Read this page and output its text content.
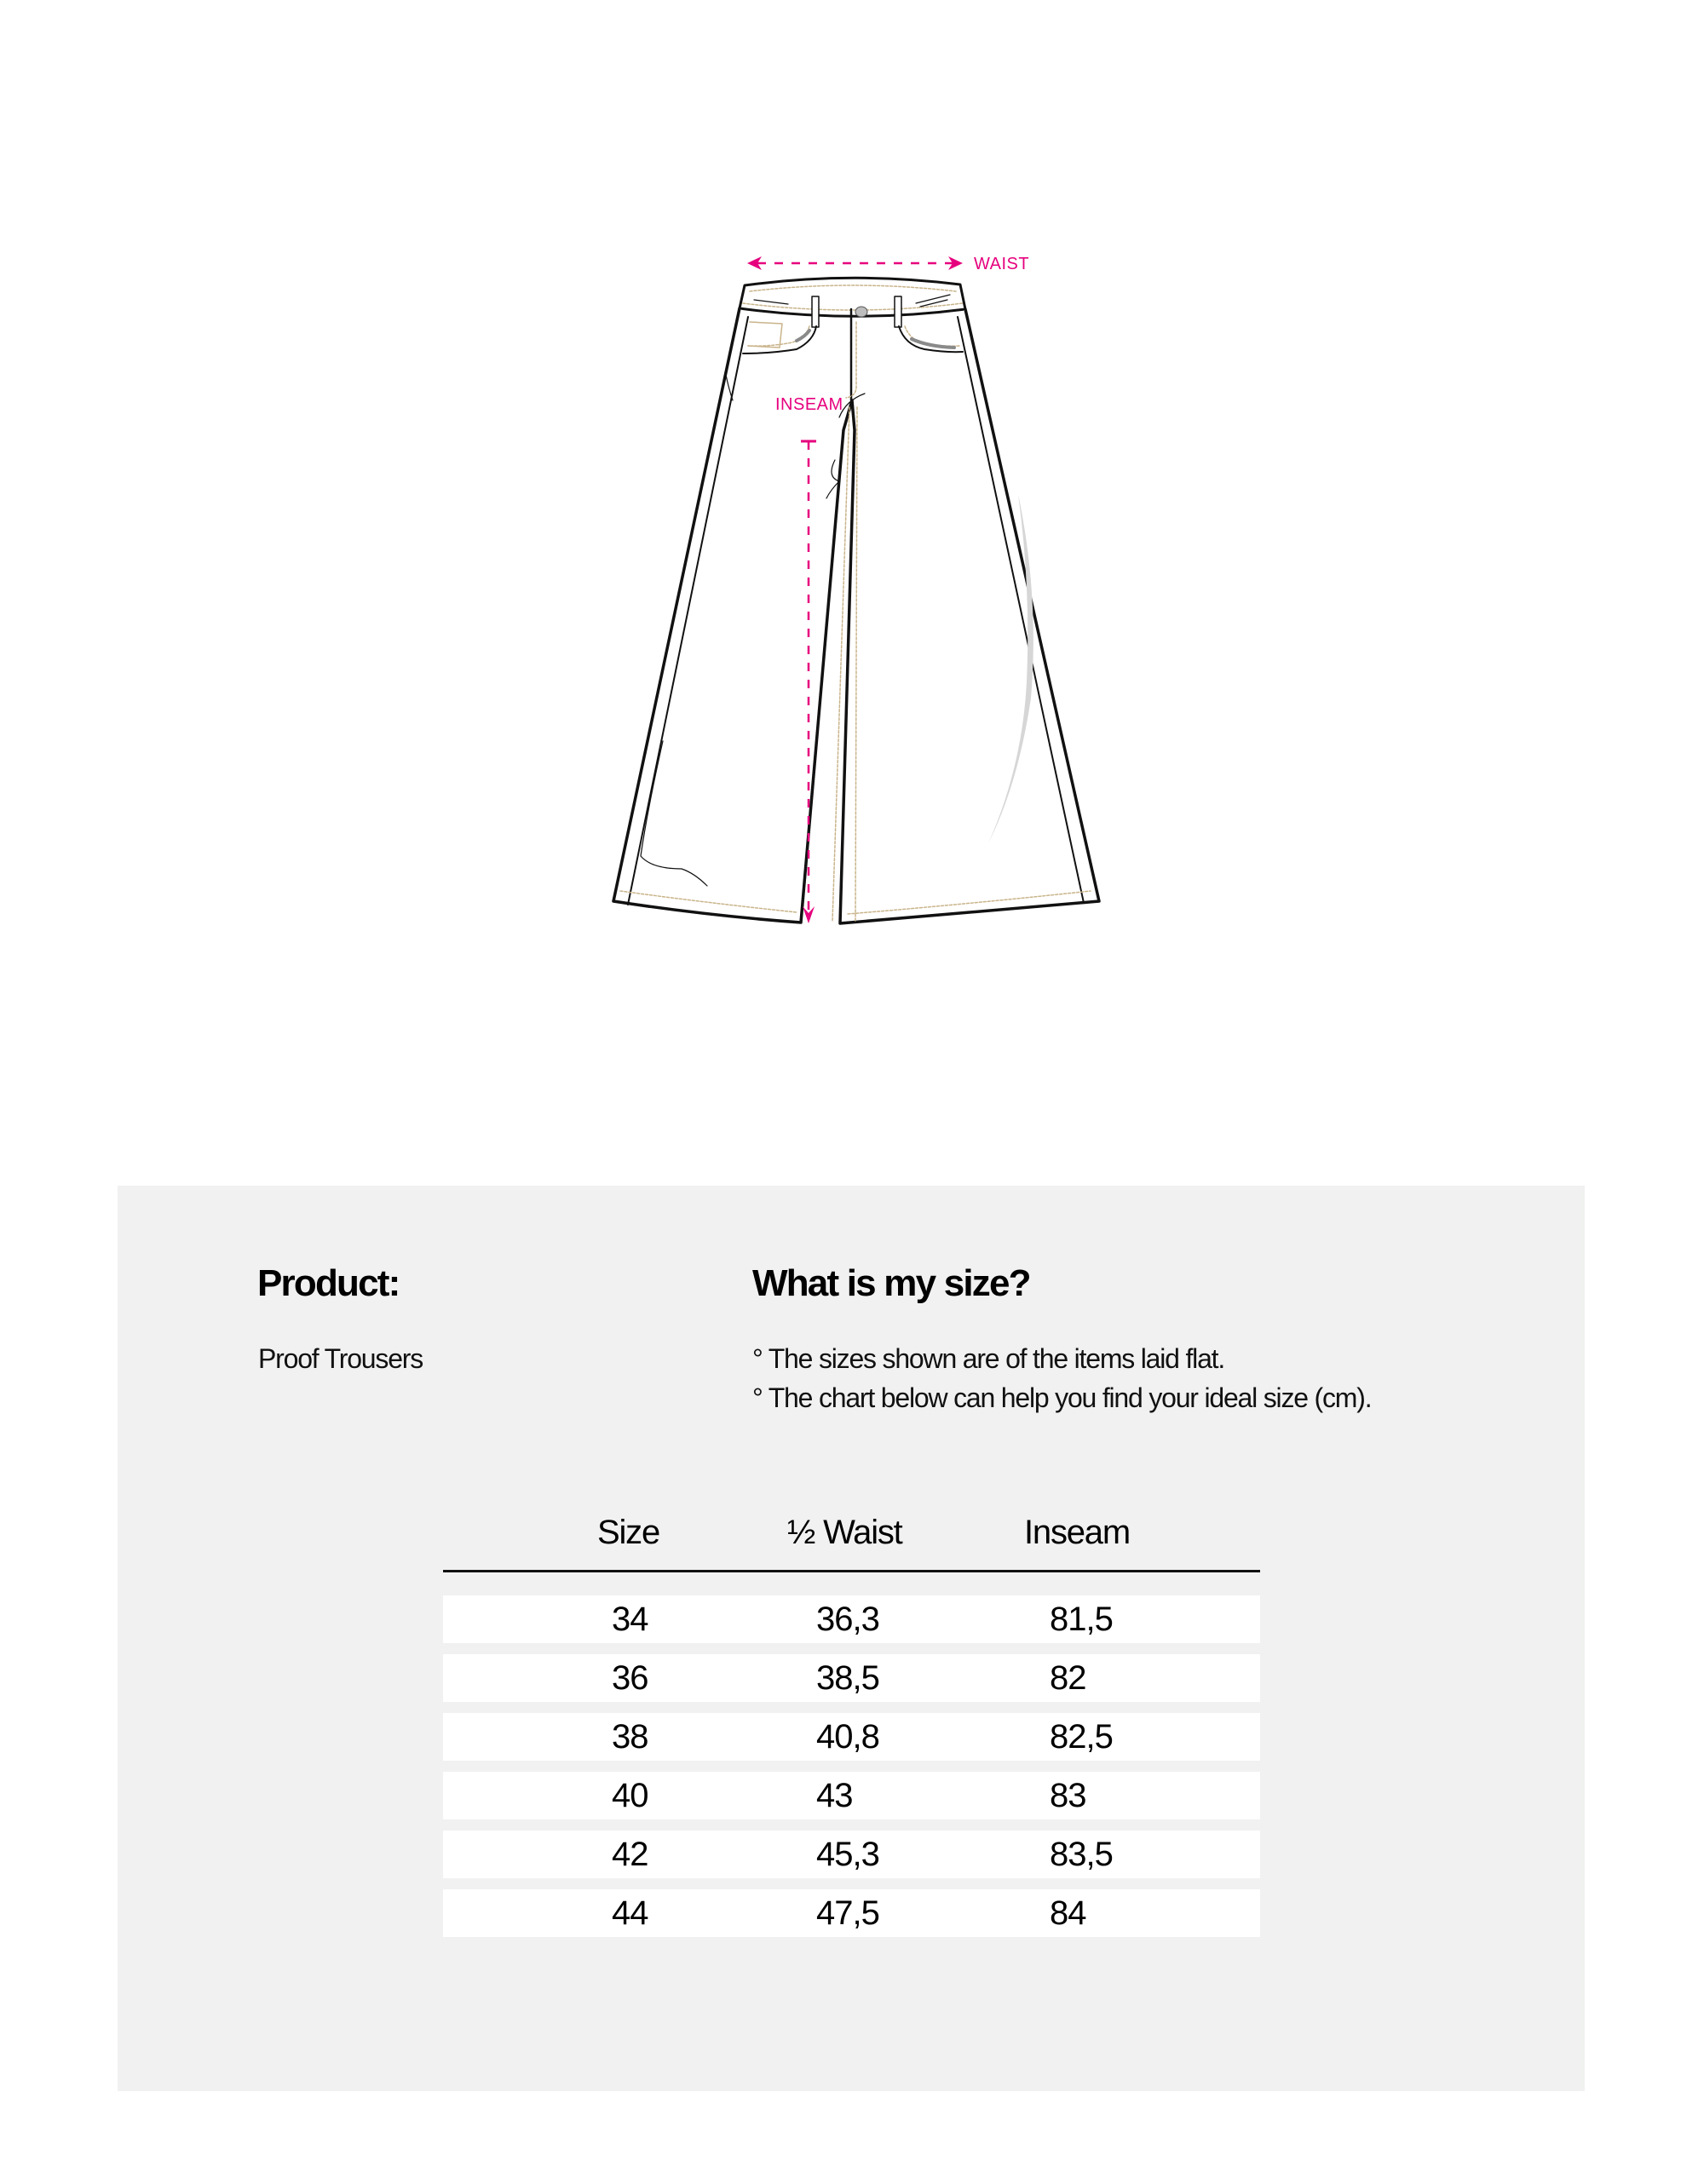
WAIST
INSEAM
Product:
Proof Trousers
What is my size?
° The sizes shown are of the items laid flat.
° The chart below can help you find your ideal size (cm).
Size	½ Waist	Inseam
34	36,3	81,5
36	38,5	82
38	40,8	82,5
40	43	83
42	45,3	83,5
44	47,5	84
